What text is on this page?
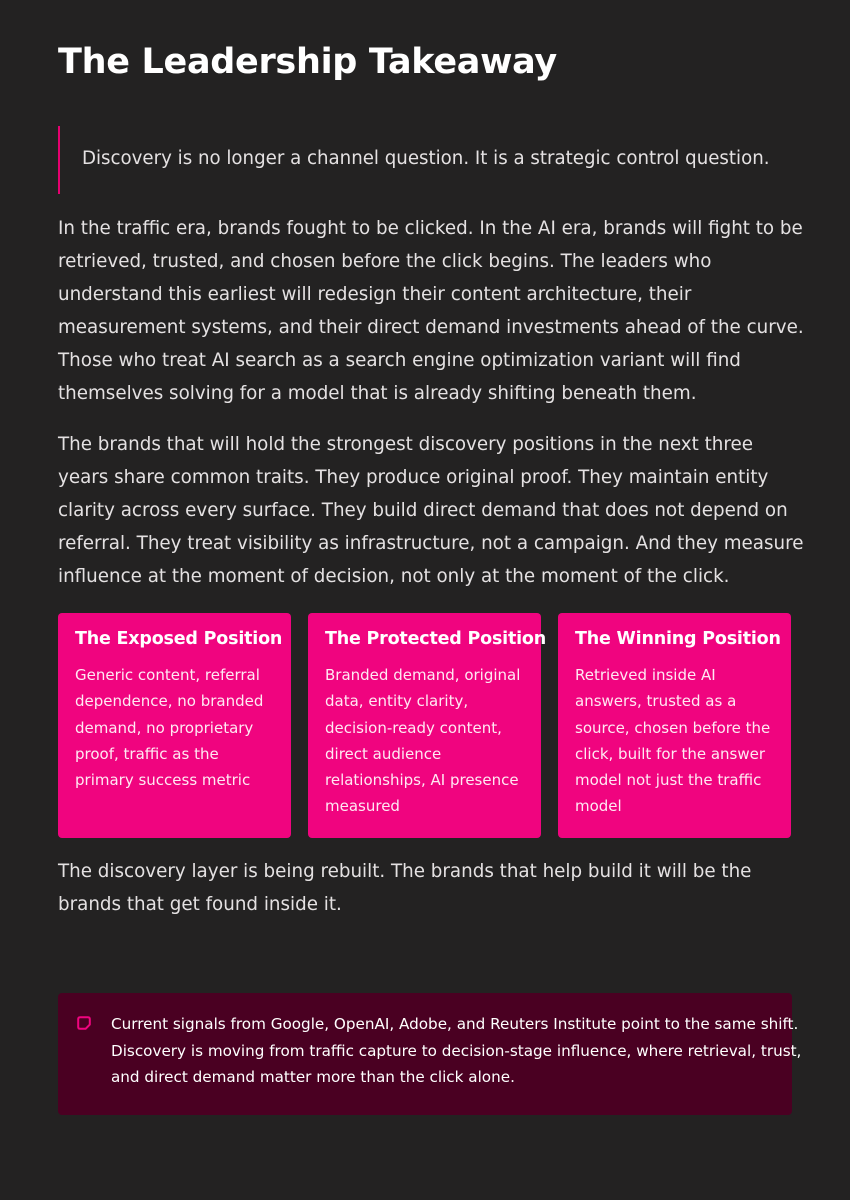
The Leadership Takeaway

Discovery is no longer a channel question. It is a strategic control question.

In the traffic era, brands fought to be clicked. In the AI era, brands will fight to be
retrieved, trusted, and chosen before the click begins. The leaders who
understand this earliest will redesign their content architecture, their
measurement systems, and their direct demand investments ahead of the curve.
Those who treat AI search as a search engine optimization variant will find
themselves solving for a model that is already shifting beneath them.
The brands that will hold the strongest discovery positions in the next three
years share common traits. They produce original proof. They maintain entity
clarity across every surface. They build direct demand that does not depend on
referral. They treat visibility as infrastructure, not a campaign. And they measure
influence at the moment of decision, not only at the moment of the click.
The Exposed Position
Generic content, referral
dependence, no branded
demand, no proprietary
proof, traffic as the
primary success metric
The Protected Position
Branded demand, original
data, entity clarity,
decision-ready content,
direct audience
relationships, AI presence
measured
The Winning Position
Retrieved inside AI
answers, trusted as a
source, chosen before the
click, built for the answer
model not just the traffic
model
The discovery layer is being rebuilt. The brands that help build it will be the
brands that get found inside it.
Current signals from Google, OpenAI, Adobe, and Reuters Institute point to the same shift.
Discovery is moving from traffic capture to decision-stage influence, where retrieval, trust,
and direct demand matter more than the click alone.
